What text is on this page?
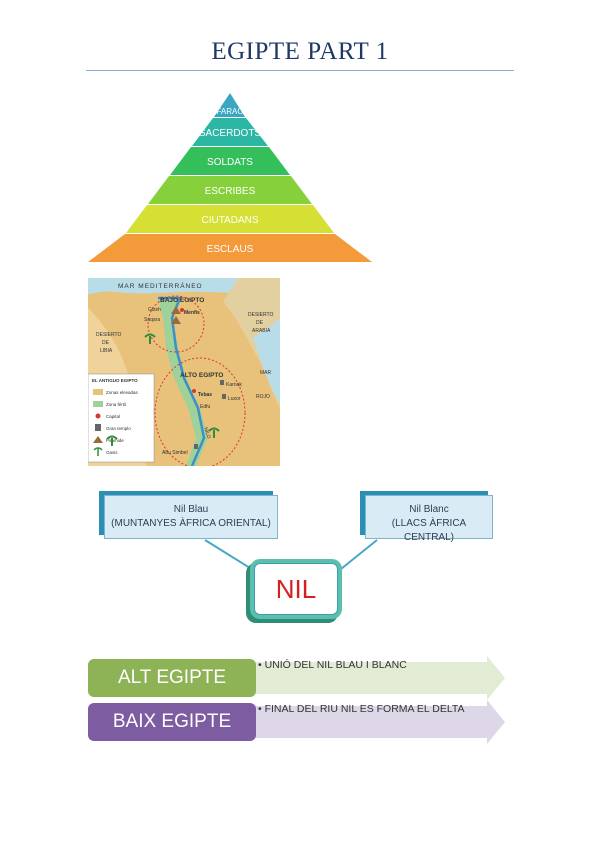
EGIPTE PART 1
FARAÓ
SACERDOTS
SOLDATS
ESCRIBES
CIUTADANS
ESCLAUS
MAR MEDITERRÁNEO
BAJO EGIPTO
ALTO EGIPTO
DESIERTO
DE
LIBIA
DESIERTO
DE
ARABIA
MAR
ROJO
NILO
Gizeh
Saqara
Menfis
Karnak
Tebas
Luxor
Edfu
Abu Simbel
EL ANTIGUO EGIPTO
Zonas elevadas
Zona fértil
Capital
Gran templo
Pirámide
Oasis
Nil Blau
(MUNTANYES ÀFRICA ORIENTAL)
Nil Blanc
(LLACS ÀFRICA CENTRAL)
NIL
ALT EGIPTE
BAIX EGIPTE
• UNIÓ DEL NIL BLAU I BLANC
• FINAL DEL RIU NIL ES FORMA EL DELTA
